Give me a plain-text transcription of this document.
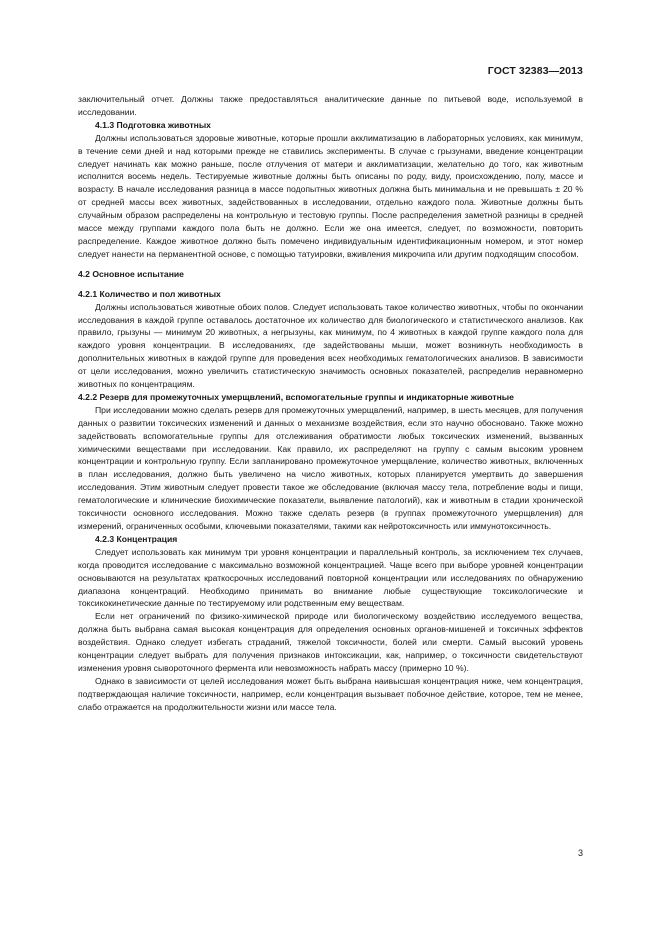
ГОСТ 32383—2013

заключительный отчет. Должны также предоставляться аналитические данные по питьевой воде, используемой в исследовании.

4.1.3 Подготовка животных

Должны использоваться здоровые животные, которые прошли акклиматизацию в лабораторных условиях, как минимум, в течение семи дней и над которыми прежде не ставились эксперименты. В случае с грызунами, введение концентрации следует начинать как можно раньше, после отлучения от матери и акклиматизации, желательно до того, как животным исполнится восемь недель. Тестируемые животные должны быть описаны по роду, виду, происхождению, полу, массе и возрасту. В начале исследования разница в массе подопытных животных должна быть минимальна и не превышать ± 20 % от средней массы всех животных, задействованных в исследовании, отдельно каждого пола. Животные должны быть случайным образом распределены на контрольную и тестовую группы. После распределения заметной разницы в средней массе между группами каждого пола быть не должно. Если же она имеется, следует, по возможности, повторить распределение. Каждое животное должно быть помечено индивидуальным идентификационным номером, и этот номер следует нанести на перманентной основе, с помощью татуировки, вживления микрочипа или другим подходящим способом.

4.2 Основное испытание

4.2.1 Количество и пол животных

Должны использоваться животные обоих полов. Следует использовать такое количество животных, чтобы по окончании исследования в каждой группе оставалось достаточное их количество для биологического и статистического анализов. Как правило, грызуны — минимум 20 животных, а негрызуны, как минимум, по 4 животных в каждой группе каждого пола для каждого уровня концентрации. В исследованиях, где задействованы мыши, может возникнуть необходимость в дополнительных животных в каждой группе для проведения всех необходимых гематологических анализов. В зависимости от цели исследования, можно увеличить статистическую значимость основных показателей, распределив неравномерно животных по концентрациям.

4.2.2 Резерв для промежуточных умерщвлений, вспомогательные группы и индикаторные животные

При исследовании можно сделать резерв для промежуточных умерщвлений, например, в шесть месяцев, для получения данных о развитии токсических изменений и данных о механизме воздействия, если это научно обосновано. Также можно задействовать вспомогательные группы для отслеживания обратимости любых токсических изменений, вызванных химическими веществами при исследовании. Как правило, их распределяют на группу с самым высоким уровнем концентрации и контрольную группу. Если запланировано промежуточное умерщвление, количество животных, включенных в план исследования, должно быть увеличено на число животных, которых планируется умертвить до завершения исследования. Этим животным следует провести такое же обследование (включая массу тела, потребление воды и пищи, гематологические и клинические биохимические показатели, выявление патологий), как и животным в стадии хронической токсичности основного исследования. Можно также сделать резерв (в группах промежуточного умерщвления) для измерений, ограниченных особыми, ключевыми показателями, такими как нейротоксичность или иммунотоксичность.

4.2.3 Концентрация

Следует использовать как минимум три уровня концентрации и параллельный контроль, за исключением тех случаев, когда проводится исследование с максимально возможной концентрацией. Чаще всего при выборе уровней концентрации основываются на результатах краткосрочных исследований повторной концентрации или исследованиях по обнаружению диапазона концентраций. Необходимо принимать во внимание любые существующие токсикологические и токсикокинетические данные по тестируемому или родственным ему веществам.

Если нет ограничений по физико-химической природе или биологическому воздействию исследуемого вещества, должна быть выбрана самая высокая концентрация для определения основных органов-мишеней и токсичных эффектов воздействия. Однако следует избегать страданий, тяжелой токсичности, болей или смерти. Самый высокий уровень концентрации следует выбрать для получения признаков интоксикации, как, например, о токсичности свидетельствуют изменения уровня сывороточного фермента или невозможность набрать массу (примерно 10 %).

Однако в зависимости от целей исследования может быть выбрана наивысшая концентрация ниже, чем концентрация, подтверждающая наличие токсичности, например, если концентрация вызывает побочное действие, которое, тем не менее, слабо отражается на продолжительности жизни или массе тела.

3
